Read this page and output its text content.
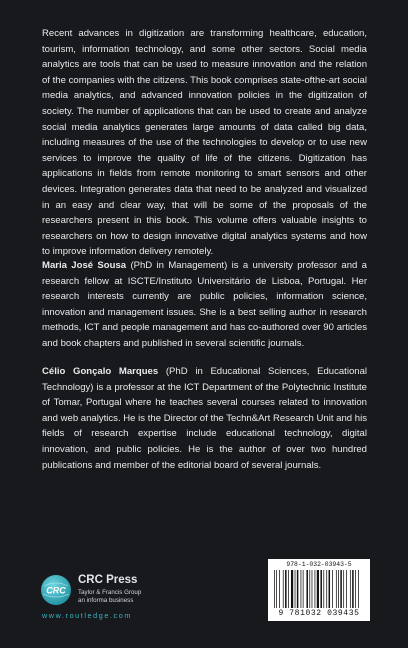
Recent advances in digitization are transforming healthcare, education, tourism, information technology, and some other sectors. Social media analytics are tools that can be used to measure innovation and the relation of the companies with the citizens. This book comprises state-ofthe-art social media analytics, and advanced innovation policies in the digitization of society. The number of applications that can be used to create and analyze social media analytics generates large amounts of data called big data, including measures of the use of the technologies to develop or to use new services to improve the quality of life of the citizens. Digitization has applications in fields from remote monitoring to smart sensors and other devices. Integration generates data that need to be analyzed and visualized in an easy and clear way, that will be some of the proposals of the researchers present in this book. This volume offers valuable insights to researchers on how to design innovative digital analytics systems and how to improve information delivery remotely.

Maria José Sousa (PhD in Management) is a university professor and a research fellow at ISCTE/Instituto Universitário de Lisboa, Portugal. Her research interests currently are public policies, information science, innovation and management issues. She is a best selling author in research methods, ICT and people management and has co-authored over 90 articles and book chapters and published in several scientific journals.

Célio Gonçalo Marques (PhD in Educational Sciences, Educational Technology) is a professor at the ICT Department of the Polytechnic Institute of Tomar, Portugal where he teaches several courses related to innovation and web analytics. He is the Director of the Techn&Art Research Unit and his fields of research expertise include educational technology, digital innovation, and public policies. He is the author of over two hundred publications and member of the editorial board of several journals.

CRC
CRC Press
Taylor & Francis Group
an informa business
www.routledge.com
978-1-032-03943-5
9 781032 039435
